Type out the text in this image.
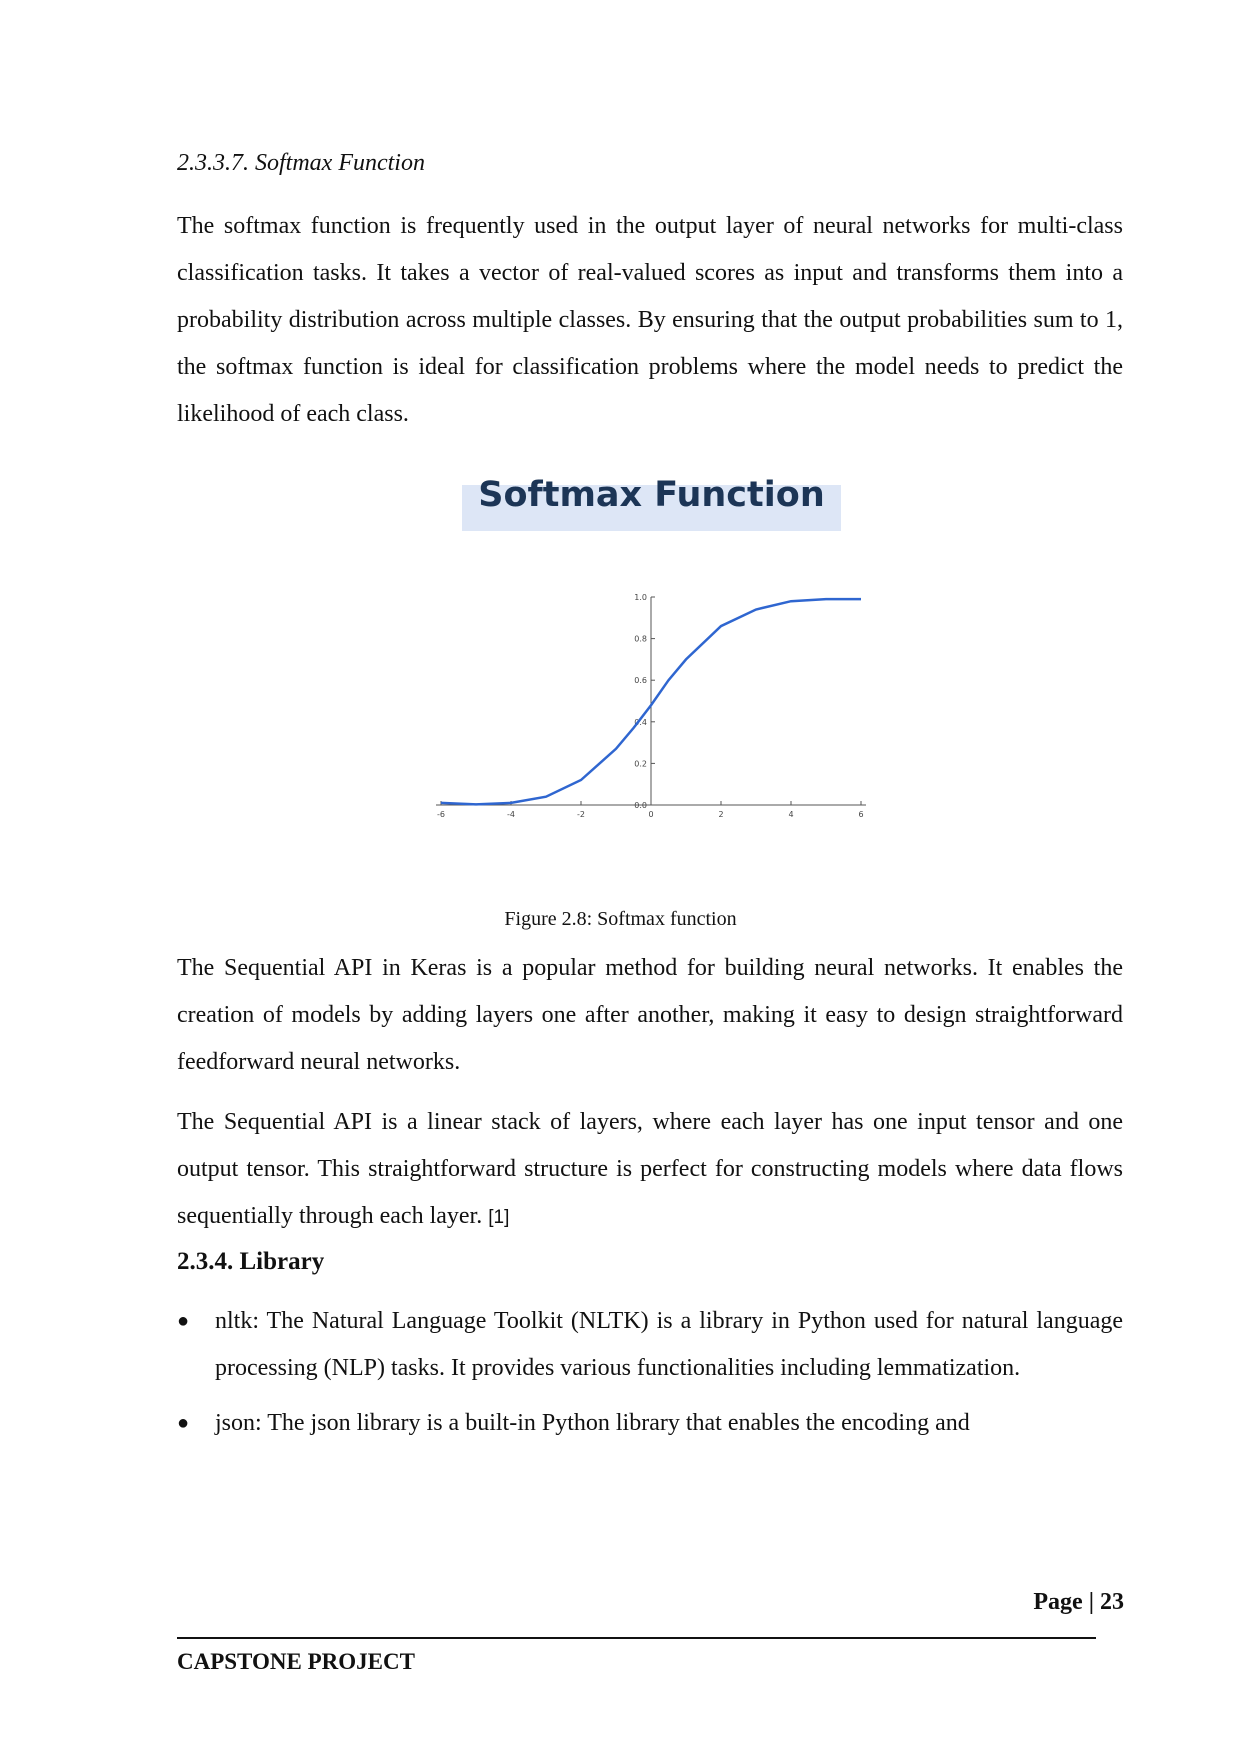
2.3.3.7. Softmax Function

The softmax function is frequently used in the output layer of neural networks for multi-class classification tasks. It takes a vector of real-valued scores as input and transforms them into a probability distribution across multiple classes. By ensuring that the output probabilities sum to 1, the softmax function is ideal for classification problems where the model needs to predict the likelihood of each class.

Softmax Function

-6	-4	-2	0	2	4	6
0.0
0.2
0.4
0.6
0.8
1.0

Figure 2.8: Softmax function

The Sequential API in Keras is a popular method for building neural networks. It enables the creation of models by adding layers one after another, making it easy to design straightforward feedforward neural networks.

The Sequential API is a linear stack of layers, where each layer has one input tensor and one output tensor. This straightforward structure is perfect for constructing models where data flows sequentially through each layer. [1]

2.3.4. Library

● nltk: The Natural Language Toolkit (NLTK) is a library in Python used for natural language processing (NLP) tasks. It provides various functionalities including lemmatization.
● json: The json library is a built-in Python library that enables the encoding and
Page | 23
CAPSTONE PROJECT
